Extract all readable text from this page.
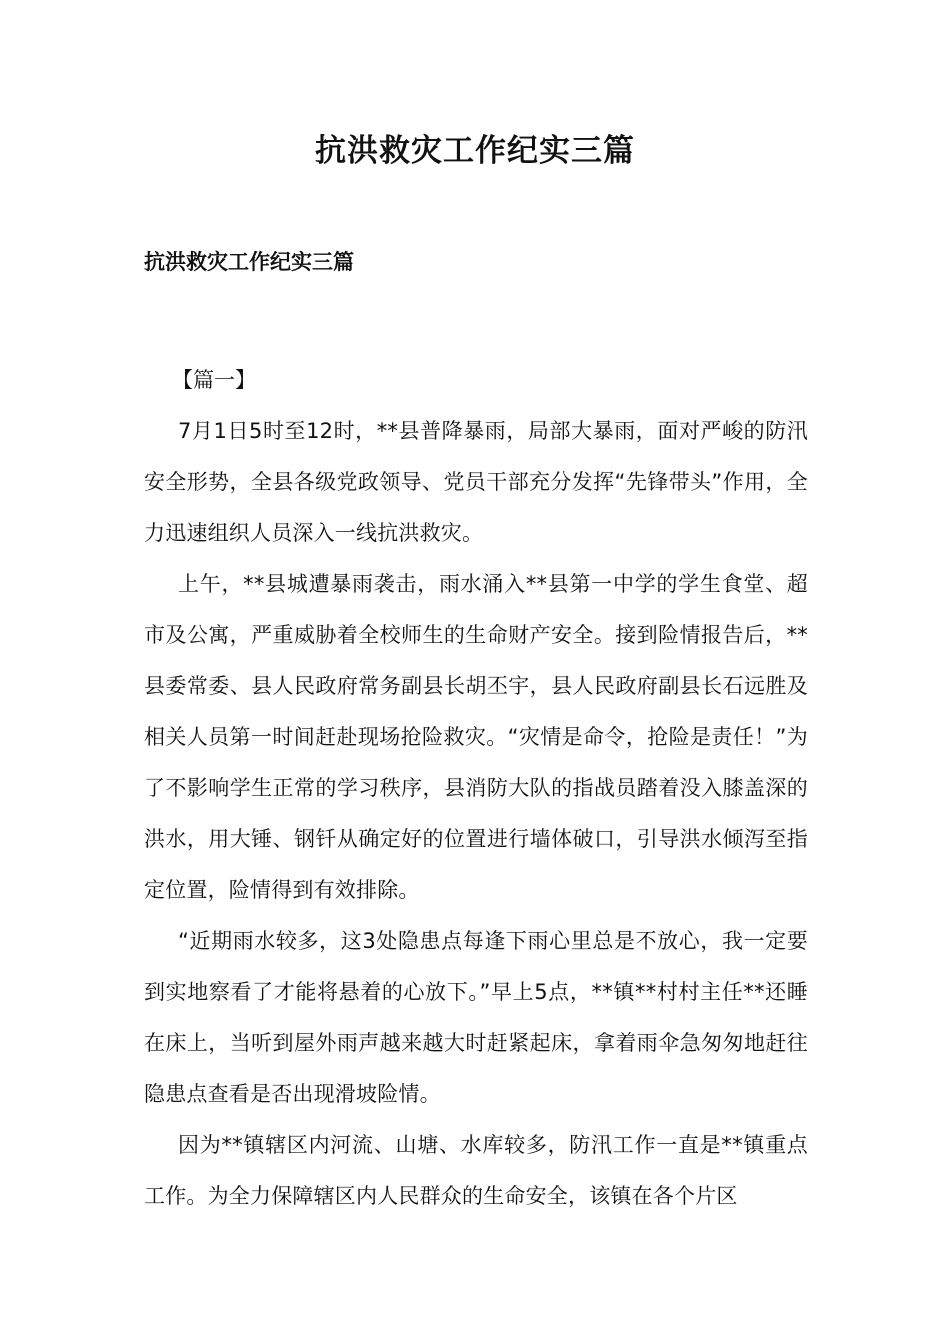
抗洪救灾工作纪实三篇
抗洪救灾工作纪实三篇

【篇一】

7月1日5时至12时，**县普降暴雨，局部大暴雨，面对严峻的防汛安全形势，全县各级党政领导、党员干部充分发挥“先锋带头”作用，全力迅速组织人员深入一线抗洪救灾。

上午，**县城遭暴雨袭击，雨水涌入**县第一中学的学生食堂、超市及公寓，严重威胁着全校师生的生命财产安全。接到险情报告后，**县委常委、县人民政府常务副县长胡丕宇，县人民政府副县长石远胜及相关人员第一时间赶赴现场抢险救灾。“灾情是命令，抢险是责任！”为了不影响学生正常的学习秩序，县消防大队的指战员踏着没入膝盖深的洪水，用大锤、钢钎从确定好的位置进行墙体破口，引导洪水倾泻至指定位置，险情得到有效排除。

“近期雨水较多，这3处隐患点每逢下雨心里总是不放心，我一定要到实地察看了才能将悬着的心放下。”早上5点，**镇**村村主任**还睡在床上，当听到屋外雨声越来越大时赶紧起床，拿着雨伞急匆匆地赶往隐患点查看是否出现滑坡险情。

因为**镇辖区内河流、山塘、水库较多，防汛工作一直是**镇重点工作。为全力保障辖区内人民群众的生命安全，该镇在各个片区
